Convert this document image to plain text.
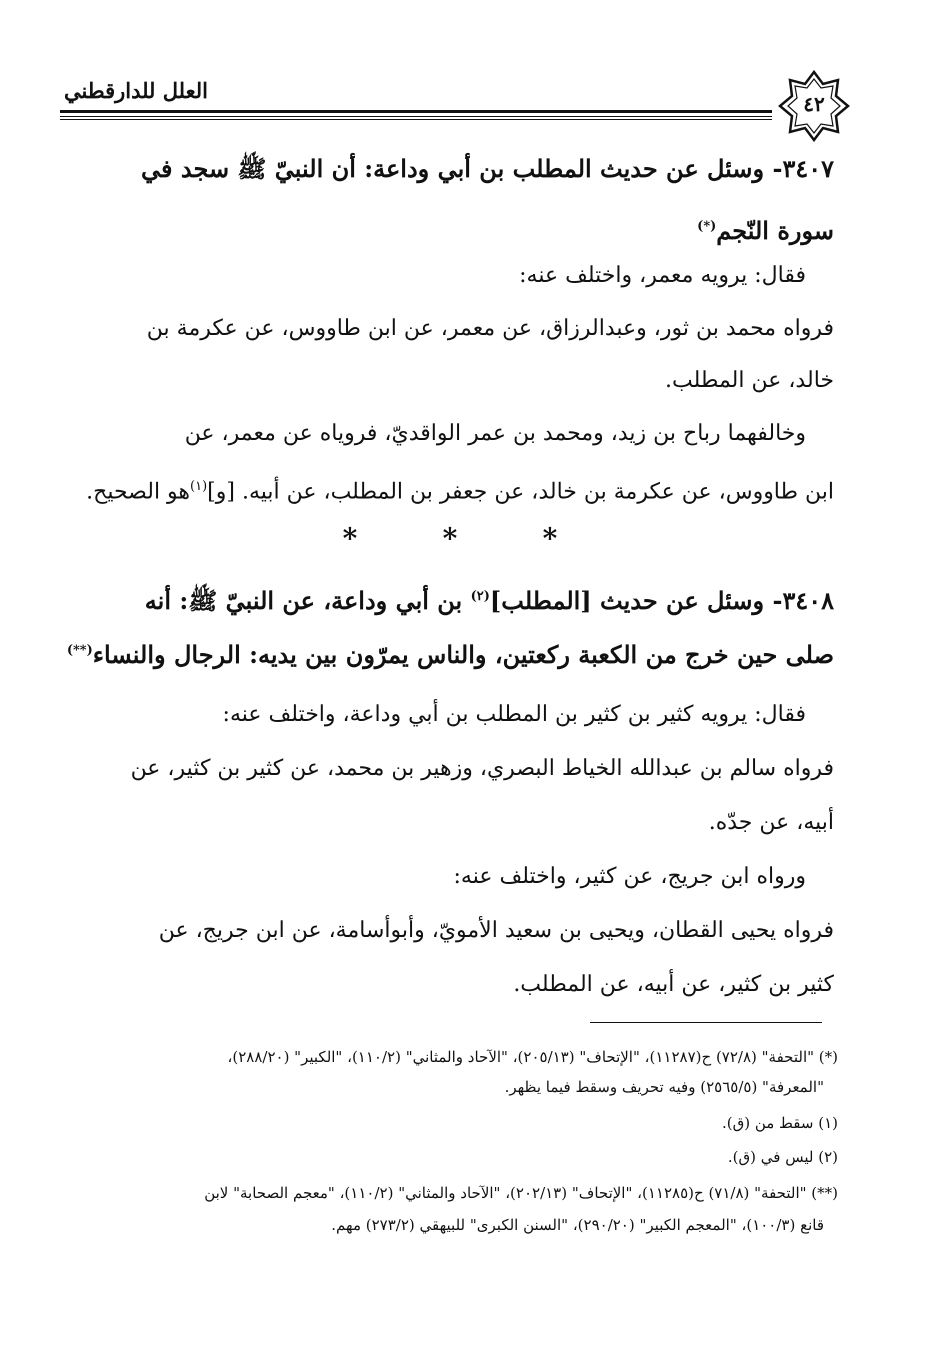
العلل للدارقطني
٤٢

٣٤٠٧- وسئل عن حديث المطلب بن أبي وداعة: أن النبيّ ﷺ سجد في

سورة النّجم(*)

فقال: يرويه معمر، واختلف عنه:

فرواه محمد بن ثور، وعبدالرزاق، عن معمر، عن ابن طاووس، عن عكرمة بن

خالد، عن المطلب.

وخالفهما رباح بن زيد، ومحمد بن عمر الواقديّ، فروياه عن معمر، عن

ابن طاووس، عن عكرمة بن خالد، عن جعفر بن المطلب، عن أبيه. [و]$^{(١)}$هو الصحيح.

*	*	*

٣٤٠٨- وسئل عن حديث [المطلب]$^{(٢)}$ بن أبي وداعة، عن النبيّ ﷺ: أنه

صلى حين خرج من الكعبة ركعتين، والناس يمرّون بين يديه: الرجال والنساء(**)

فقال: يرويه كثير بن كثير بن المطلب بن أبي وداعة، واختلف عنه:

فرواه سالم بن عبدالله الخياط البصري، وزهير بن محمد، عن كثير بن كثير، عن

أبيه، عن جدّه.

ورواه ابن جريج، عن كثير، واختلف عنه:

فرواه يحيى القطان، ويحيى بن سعيد الأمويّ، وأبوأسامة، عن ابن جريج، عن

كثير بن كثير، عن أبيه، عن المطلب.

(*) "التحفة" (٧٢/٨) ح(١١٢٨٧)، "الإتحاف" (٢٠٥/١٣)، "الآحاد والمثاني" (١١٠/٢)، "الكبير" (٢٨٨/٢٠)،

"المعرفة" (٢٥٦٥/٥) وفيه تحريف وسقط فيما يظهر.

(١) سقط من (ق).

(٢) ليس في (ق).

(**) "التحفة" (٧١/٨) ح(١١٢٨٥)، "الإتحاف" (٢٠٢/١٣)، "الآحاد والمثاني" (١١٠/٢)، "معجم الصحابة" لابن

قانع (١٠٠/٣)، "المعجم الكبير" (٢٩٠/٢٠)، "السنن الكبرى" للبيهقي (٢٧٣/٢) مهم.
